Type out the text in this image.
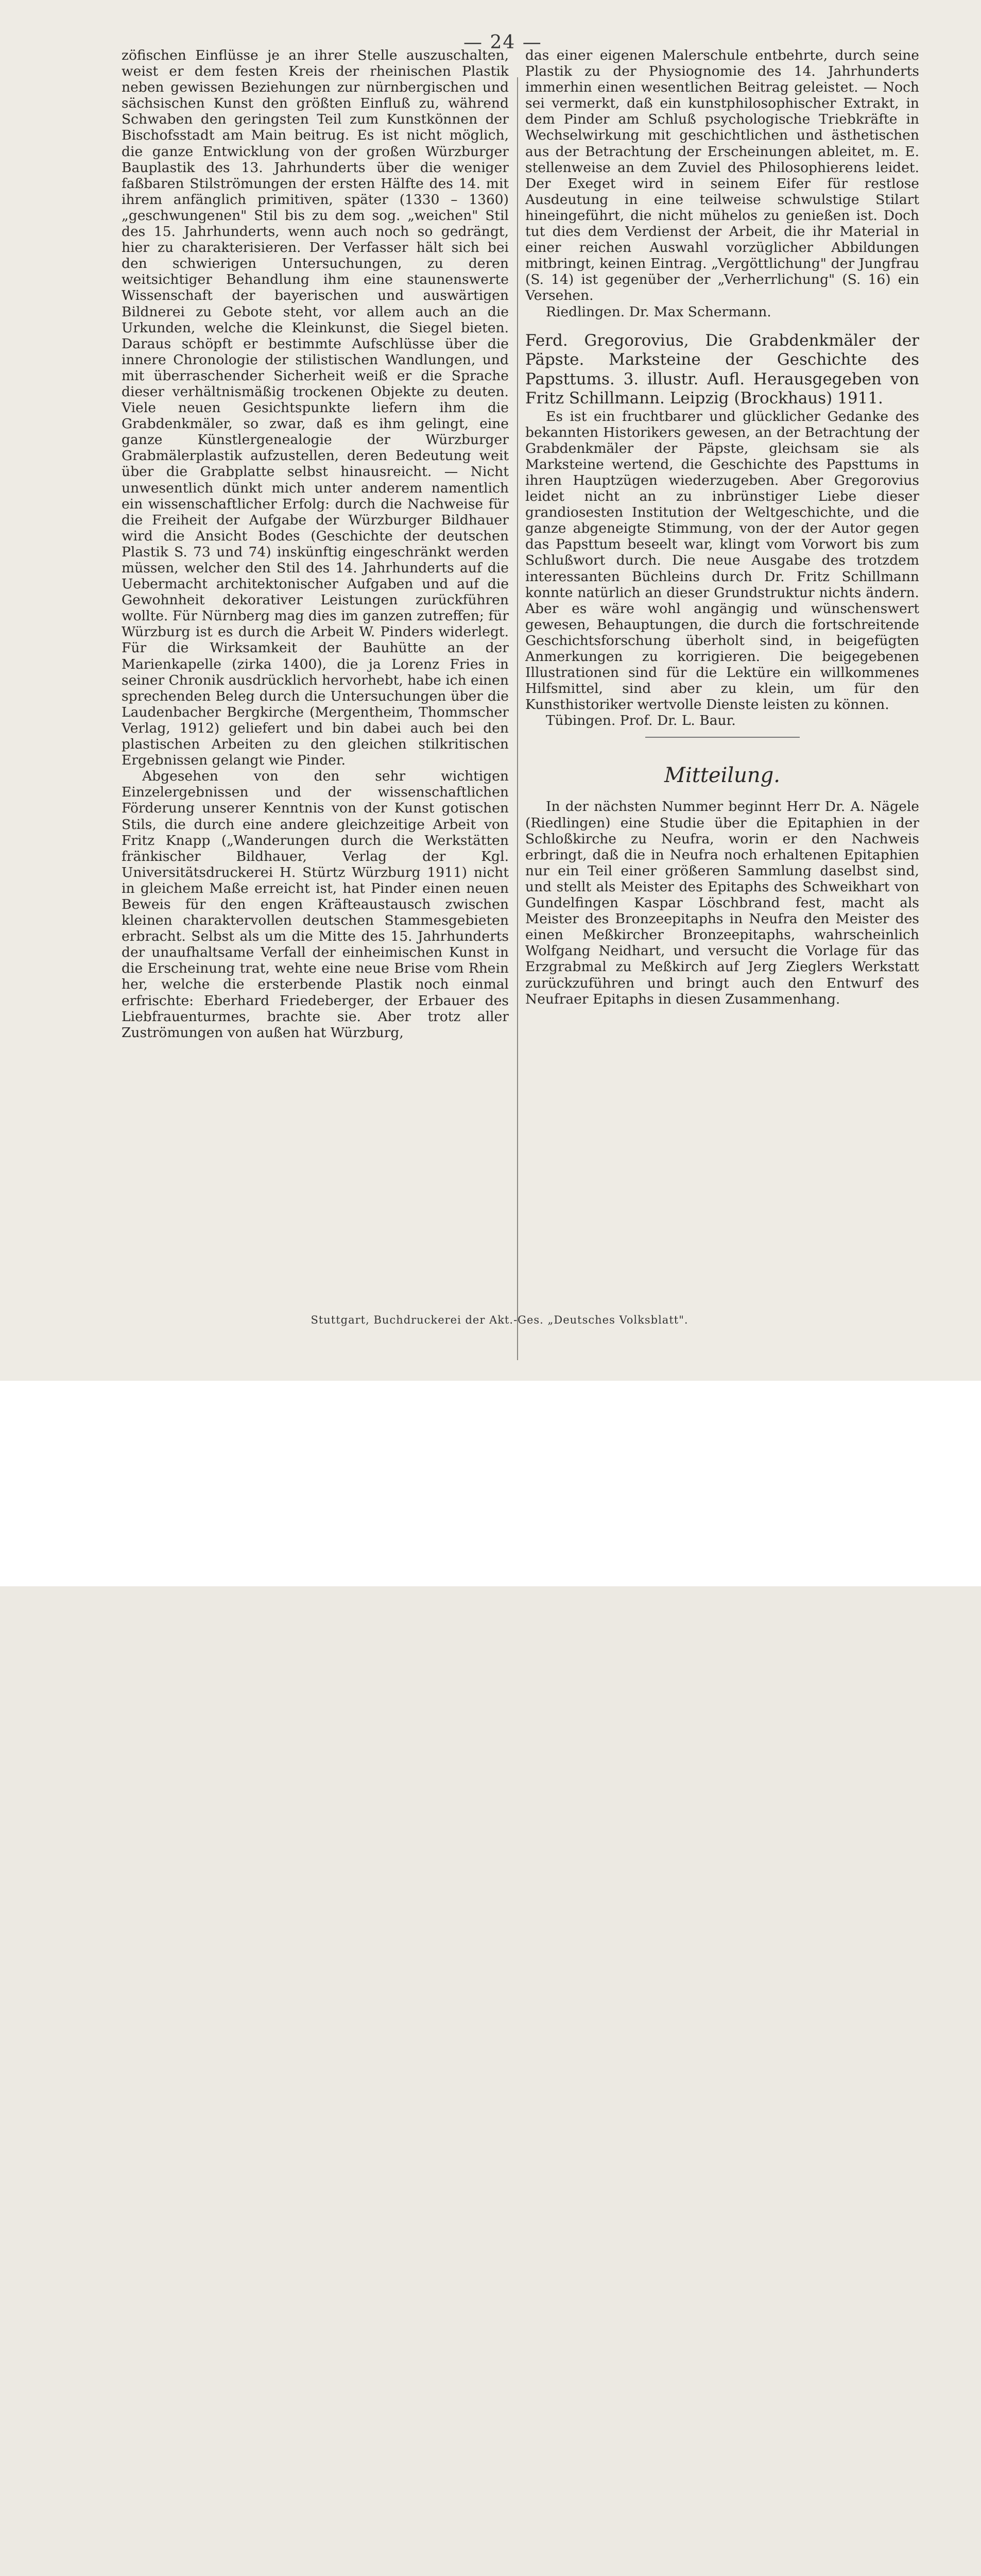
— 24 —

zöfischen Einflüsse je an ihrer Stelle auszuschalten, weist er dem festen Kreis der rheinischen Plastik neben gewissen Beziehungen zur nürnbergischen und sächsischen Kunst den größten Einfluß zu, während Schwaben den geringsten Teil zum Kunstkönnen der Bischofsstadt am Main beitrug. Es ist nicht möglich, die ganze Entwicklung von der großen Würzburger Bauplastik des 13. Jahrhunderts über die weniger faßbaren Stilströmungen der ersten Hälfte des 14. mit ihrem anfänglich primitiven, später (1330 – 1360) „geschwungenen" Stil bis zu dem sog. „weichen" Stil des 15. Jahrhunderts, wenn auch noch so gedrängt, hier zu charakterisieren. Der Verfasser hält sich bei den schwierigen Untersuchungen, zu deren weitsichtiger Behandlung ihm eine staunenswerte Wissenschaft der bayerischen und auswärtigen Bildnerei zu Gebote steht, vor allem auch an die Urkunden, welche die Kleinkunst, die Siegel bieten. Daraus schöpft er bestimmte Aufschlüsse über die innere Chronologie der stilistischen Wandlungen, und mit überraschender Sicherheit weiß er die Sprache dieser verhältnismäßig trockenen Objekte zu deuten. Viele neuen Gesichtspunkte liefern ihm die Grabdenkmäler, so zwar, daß es ihm gelingt, eine ganze Künstlergenealogie der Würzburger Grabmälerplastik aufzustellen, deren Bedeutung weit über die Grabplatte selbst hinausreicht. — Nicht unwesentlich dünkt mich unter anderem namentlich ein wissenschaftlicher Erfolg: durch die Nachweise für die Freiheit der Aufgabe der Würzburger Bildhauer wird die Ansicht Bodes (Geschichte der deutschen Plastik S. 73 und 74) inskünftig eingeschränkt werden müssen, welcher den Stil des 14. Jahrhunderts auf die Uebermacht architektonischer Aufgaben und auf die Gewohnheit dekorativer Leistungen zurückführen wollte. Für Nürnberg mag dies im ganzen zutreffen; für Würzburg ist es durch die Arbeit W. Pinders widerlegt. Für die Wirksamkeit der Bauhütte an der Marienkapelle (zirka 1400), die ja Lorenz Fries in seiner Chronik ausdrücklich hervorhebt, habe ich einen sprechenden Beleg durch die Untersuchungen über die Laudenbacher Bergkirche (Mergentheim, Thommscher Verlag, 1912) geliefert und bin dabei auch bei den plastischen Arbeiten zu den gleichen stilkritischen Ergebnissen gelangt wie Pinder.

Abgesehen von den sehr wichtigen Einzelergebnissen und der wissenschaftlichen Förderung unserer Kenntnis von der Kunst gotischen Stils, die durch eine andere gleichzeitige Arbeit von Fritz Knapp („Wanderungen durch die Werkstätten fränkischer Bildhauer, Verlag der Kgl. Universitätsdruckerei H. Stürtz Würzburg 1911) nicht in gleichem Maße erreicht ist, hat Pinder einen neuen Beweis für den engen Kräfteaustausch zwischen kleinen charaktervollen deutschen Stammesgebieten erbracht. Selbst als um die Mitte des 15. Jahrhunderts der unaufhaltsame Verfall der einheimischen Kunst in die Erscheinung trat, wehte eine neue Brise vom Rhein her, welche die ersterbende Plastik noch einmal erfrischte: Eberhard Friedeberger, der Erbauer des Liebfrauenturmes, brachte sie. Aber trotz aller Zuströmungen von außen hat Würzburg,

das einer eigenen Malerschule entbehrte, durch seine Plastik zu der Physiognomie des 14. Jahrhunderts immerhin einen wesentlichen Beitrag geleistet. — Noch sei vermerkt, daß ein kunstphilosophischer Extrakt, in dem Pinder am Schluß psychologische Triebkräfte in Wechselwirkung mit geschichtlichen und ästhetischen aus der Betrachtung der Erscheinungen ableitet, m. E. stellenweise an dem Zuviel des Philosophierens leidet. Der Exeget wird in seinem Eifer für restlose Ausdeutung in eine teilweise schwulstige Stilart hineingeführt, die nicht mühelos zu genießen ist. Doch tut dies dem Verdienst der Arbeit, die ihr Material in einer reichen Auswahl vorzüglicher Abbildungen mitbringt, keinen Eintrag. „Vergöttlichung" der Jungfrau (S. 14) ist gegenüber der „Verherrlichung" (S. 16) ein Versehen.

Riedlingen. Dr. Max Schermann.

Ferd. Gregorovius, Die Grabdenkmäler der Päpste. Marksteine der Geschichte des Papsttums. 3. illustr. Aufl. Herausgegeben von Fritz Schillmann. Leipzig (Brockhaus) 1911.

Es ist ein fruchtbarer und glücklicher Gedanke des bekannten Historikers gewesen, an der Betrachtung der Grabdenkmäler der Päpste, gleichsam sie als Marksteine wertend, die Geschichte des Papsttums in ihren Hauptzügen wiederzugeben. Aber Gregorovius leidet nicht an zu inbrünstiger Liebe dieser grandiosesten Institution der Weltgeschichte, und die ganze abgeneigte Stimmung, von der der Autor gegen das Papsttum beseelt war, klingt vom Vorwort bis zum Schlußwort durch. Die neue Ausgabe des trotzdem interessanten Büchleins durch Dr. Fritz Schillmann konnte natürlich an dieser Grundstruktur nichts ändern. Aber es wäre wohl angängig und wünschenswert gewesen, Behauptungen, die durch die fortschreitende Geschichtsforschung überholt sind, in beigefügten Anmerkungen zu korrigieren. Die beigegebenen Illustrationen sind für die Lektüre ein willkommenes Hilfsmittel, sind aber zu klein, um für den Kunsthistoriker wertvolle Dienste leisten zu können.

Tübingen. Prof. Dr. L. Baur.

Mitteilung.

In der nächsten Nummer beginnt Herr Dr. A. Nägele (Riedlingen) eine Studie über die Epitaphien in der Schloßkirche zu Neufra, worin er den Nachweis erbringt, daß die in Neufra noch erhaltenen Epitaphien nur ein Teil einer größeren Sammlung daselbst sind, und stellt als Meister des Epitaphs des Schweikhart von Gundelfingen Kaspar Löschbrand fest, macht als Meister des Bronzeepitaphs in Neufra den Meister des einen Meßkircher Bronzeepitaphs, wahrscheinlich Wolfgang Neidhart, und versucht die Vorlage für das Erzgrabmal zu Meßkirch auf Jerg Zieglers Werkstatt zurückzuführen und bringt auch den Entwurf des Neufraer Epitaphs in diesen Zusammenhang.

Stuttgart, Buchdruckerei der Akt.-Ges. „Deutsches Volksblatt".
